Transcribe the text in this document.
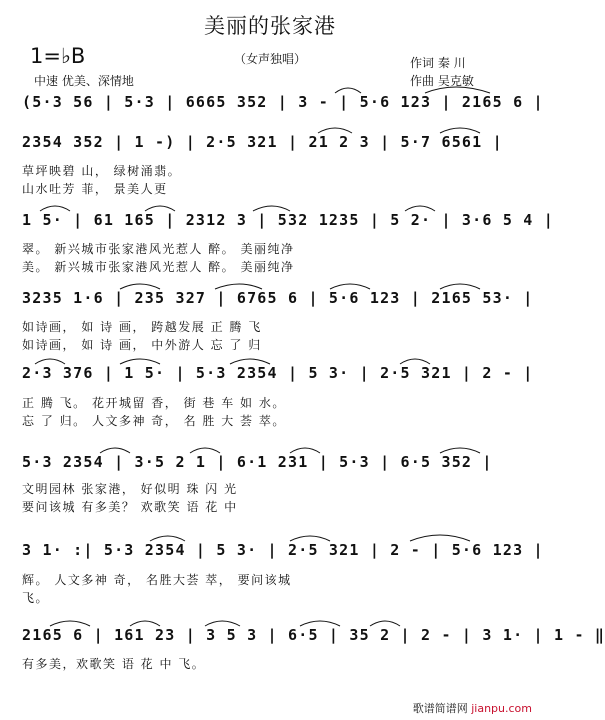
美丽的张家港
（女声独唱）
1=♭B
中速 优美、深情地
作词 秦 川
作曲 吴克敏
(5·3 56 | 5·3 | 6665 352 | 3 - | 5·6 123 | 2165 6 |
2354 352 | 1 -) | 2·5 321 | 21 2 3 | 5·7 6561 |
草坪映碧 山， 绿树涌翡。
山水吐芳 菲， 景美人更
1 5· | 61 165 | 2312 3 | 532 1235 | 5 2· | 3·6 5 4 |
翠。 新兴城市张家港风光惹人 醉。 美丽纯净
美。 新兴城市张家港风光惹人 醉。 美丽纯净
3235 1·6 | 235 327 | 6765 6 | 5·6 123 | 2165 53· |
如诗画， 如 诗 画， 跨越发展 正 腾 飞
如诗画， 如 诗 画， 中外游人 忘 了 归
2·3 376 | 1 5· | 5·3 2354 | 5 3· | 2·5 321 | 2 - |
正 腾 飞。 花开城留 香， 街 巷 车 如 水。
忘 了 归。 人文多神 奇， 名 胜 大 荟 萃。
5·3 2354 | 3·5 2 1 | 6·1 231 | 5·3 | 6·5 352 |
文明园林 张家港， 好似明 珠 闪 光
要问该城 有多美？ 欢歌笑 语 花 中
3 1· :| 5·3 2354 | 5 3· | 2·5 321 | 2 - | 5·6 123 |
辉。 人文多神 奇， 名胜大荟 萃， 要问该城
飞。
2165 6 | 161 23 | 3 5 3 | 6·5 | 35 2 | 2 - | 3 1· | 1 - ‖
有多美，欢歌笑 语 花 中 飞。
歌谱简谱网 jianpu.com
